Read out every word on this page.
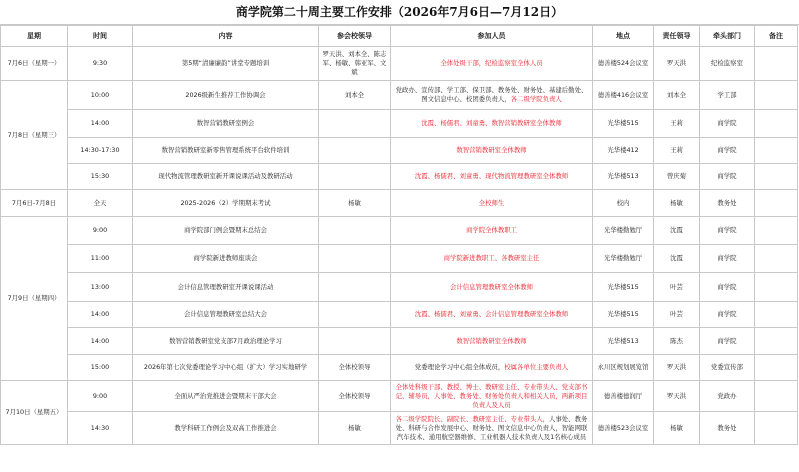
商学院第二十周主要工作安排（2026年7月6日—7月12日）
星期	时间	内容	参会校领导	参加人员	地点	责任领导	牵头部门	备注
7月6日（星期一）	9:30	第5期“清廉廉韵”讲堂专题培训	罗天洪、刘本全、陈志军、杨敏、韩亚军、文斌	全体处级干部，纪检监察室全体人员	德善楼524会议室	罗天洪	纪检监察室	
7月8日（星期三）	10:00	2026级新生推荐工作协调会	刘本全	党政办、宣传部、学工部、保卫部、教务处、财务处、基建后勤处、图文信息中心、校团委负责人，各二级学院负责人	德善楼416会议室	刘本全	学工部	
	14:00	数智营销教研室例会		沈霞、杨儒君、刘童勇、数智营销教研室全体教师	光华楼515	王莉	商学院	
	14:30-17:30	数智营销教研室新零售管理系统平台软件培训		数智营销教研室全体教师	光华楼412	王莉	商学院	
	15:30	现代物流管理教研室新开课说课活动及教研活动		沈霞、杨儒君、刘童勇、现代物流管理教研室全体教师	光华楼513	曾庆菊	商学院	
7月6日-7月8日	全天	2025-2026（2）学期期末考试	杨敏	全校师生	校内	杨敏	教务处	
7月9日（星期四）	9:00	商学院部门例会暨期末总结会		商学院全体教职工	光华楼勤勉厅	沈霞	商学院	
	11:00	商学院新进教师座谈会		商学院新进教职工、各教研室主任	光华楼勤勉厅	沈霞	商学院	
	13:00	会计信息管理教研室开课说课活动		会计信息管理教研室全体教师	光华楼515	叶芸	商学院	
	14:00	会计信息管理教研室总结大会		沈霞、杨儒君、刘童勇、会计信息管理教研室全体教师	光华楼515	叶芸	商学院	
	14:00	数智营销教研室党支部7月政治理论学习		数智营销教研室全体教师	光华楼513	陈杰	商学院	
	15:00	2026年第七次党委理论学习中心组（扩大）学习实地研学	全体校领导	党委理论学习中心组全体成员，校属各单位主要负责人	永川区规划展览馆	罗天洪	党委宣传部	
7月10日（星期五）	9:00	全面从严治党推进会暨期末干部大会	全体校领导	全体处科级干部、教授、博士、教研室主任、专业带头人、党支部书记、辅导员，人事处、教务处、财务处负责人和相关人员，两新项目负责人及人员	德善楼德润厅	罗天洪	党政办	
	14:30	教学科研工作例会及双高工作推进会	杨敏	各二级学院院长、副院长、教研室主任、专业带头人，人事处、教务处、科研与合作发展中心、财务处、图文信息中心负责人，智能网联汽车技术、通用航空器维修、工业机器人技术负责人及1名核心成员	德善楼523会议室	杨敏	教务处	
